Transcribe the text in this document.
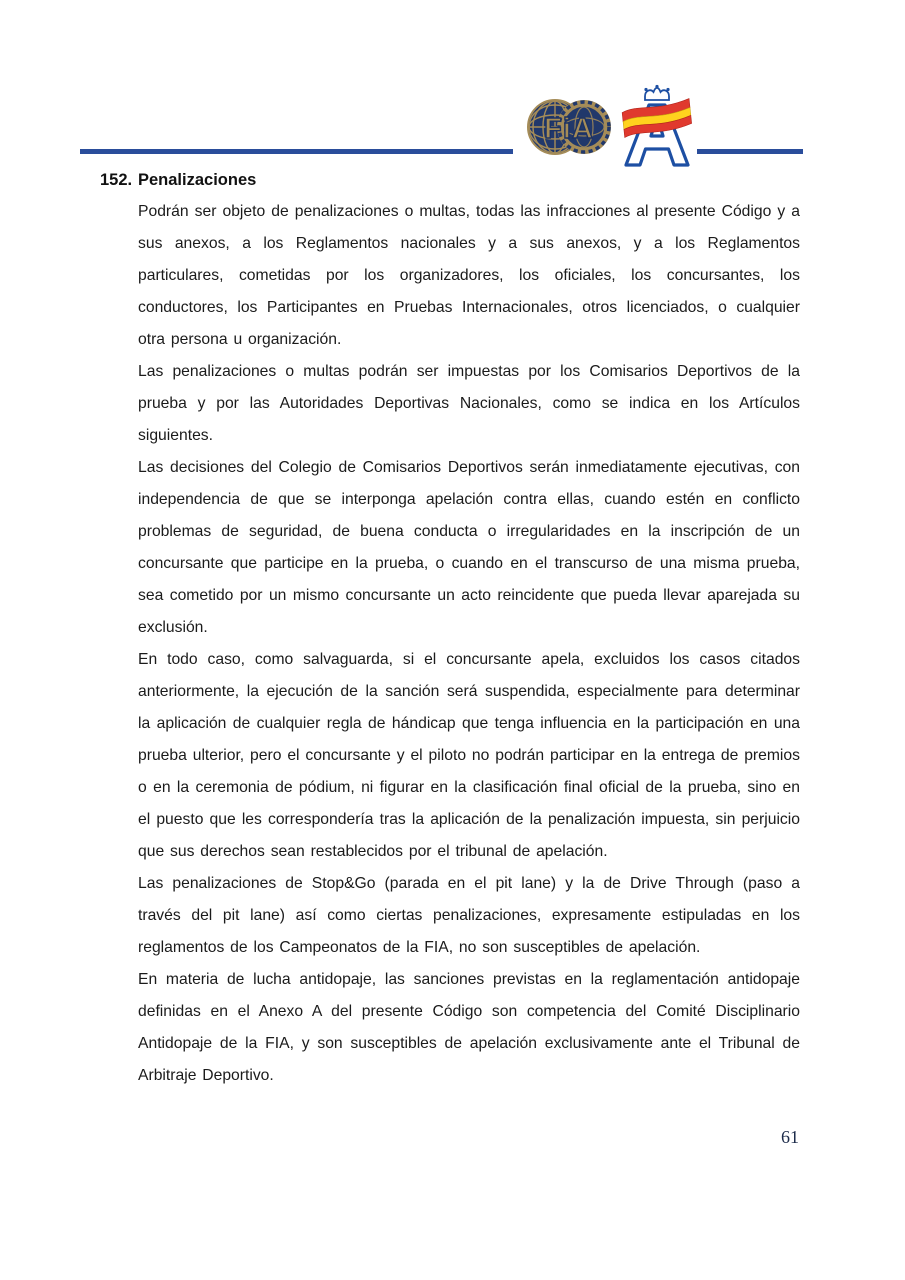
FiA
152. Penalizaciones

Podrán ser objeto de penalizaciones o multas, todas las infracciones al presente Código y a sus anexos, a los Reglamentos nacionales y a sus anexos, y a los Reglamentos particulares, cometidas por los organizadores, los oficiales, los concursantes, los conductores, los Participantes en Pruebas Internacionales, otros licenciados, o cualquier otra persona u organización.

Las penalizaciones o multas podrán ser impuestas por los Comisarios Deportivos de la prueba y por las Autoridades Deportivas Nacionales, como se indica en los Artículos siguientes.

Las decisiones del Colegio de Comisarios Deportivos serán inmediatamente ejecutivas, con independencia de que se interponga apelación contra ellas, cuando estén en conflicto problemas de seguridad, de buena conducta o irregularidades en la inscripción de un concursante que participe en la prueba, o cuando en el transcurso de una misma prueba, sea cometido por un mismo concursante un acto reincidente que pueda llevar aparejada su exclusión.

En todo caso, como salvaguarda, si el concursante apela, excluidos los casos citados anteriormente, la ejecución de la sanción será suspendida, especialmente para determinar la aplicación de cualquier regla de hándicap que tenga influencia en la participación en una prueba ulterior, pero el concursante y el piloto no podrán participar en la entrega de premios o en la ceremonia de pódium, ni figurar en la clasificación final oficial de la prueba, sino en el puesto que les correspondería tras la aplicación de la penalización impuesta, sin perjuicio que sus derechos sean restablecidos por el tribunal de apelación.

Las penalizaciones de Stop&Go (parada en el pit lane) y la de Drive Through (paso a través del pit lane) así como ciertas penalizaciones, expresamente estipuladas en los reglamentos de los Campeonatos de la FIA, no son susceptibles de apelación.

En materia de lucha antidopaje, las sanciones previstas en la reglamentación antidopaje definidas en el Anexo A del presente Código son competencia del Comité Disciplinario Antidopaje de la FIA, y son susceptibles de apelación exclusivamente ante el Tribunal de Arbitraje Deportivo.

61
